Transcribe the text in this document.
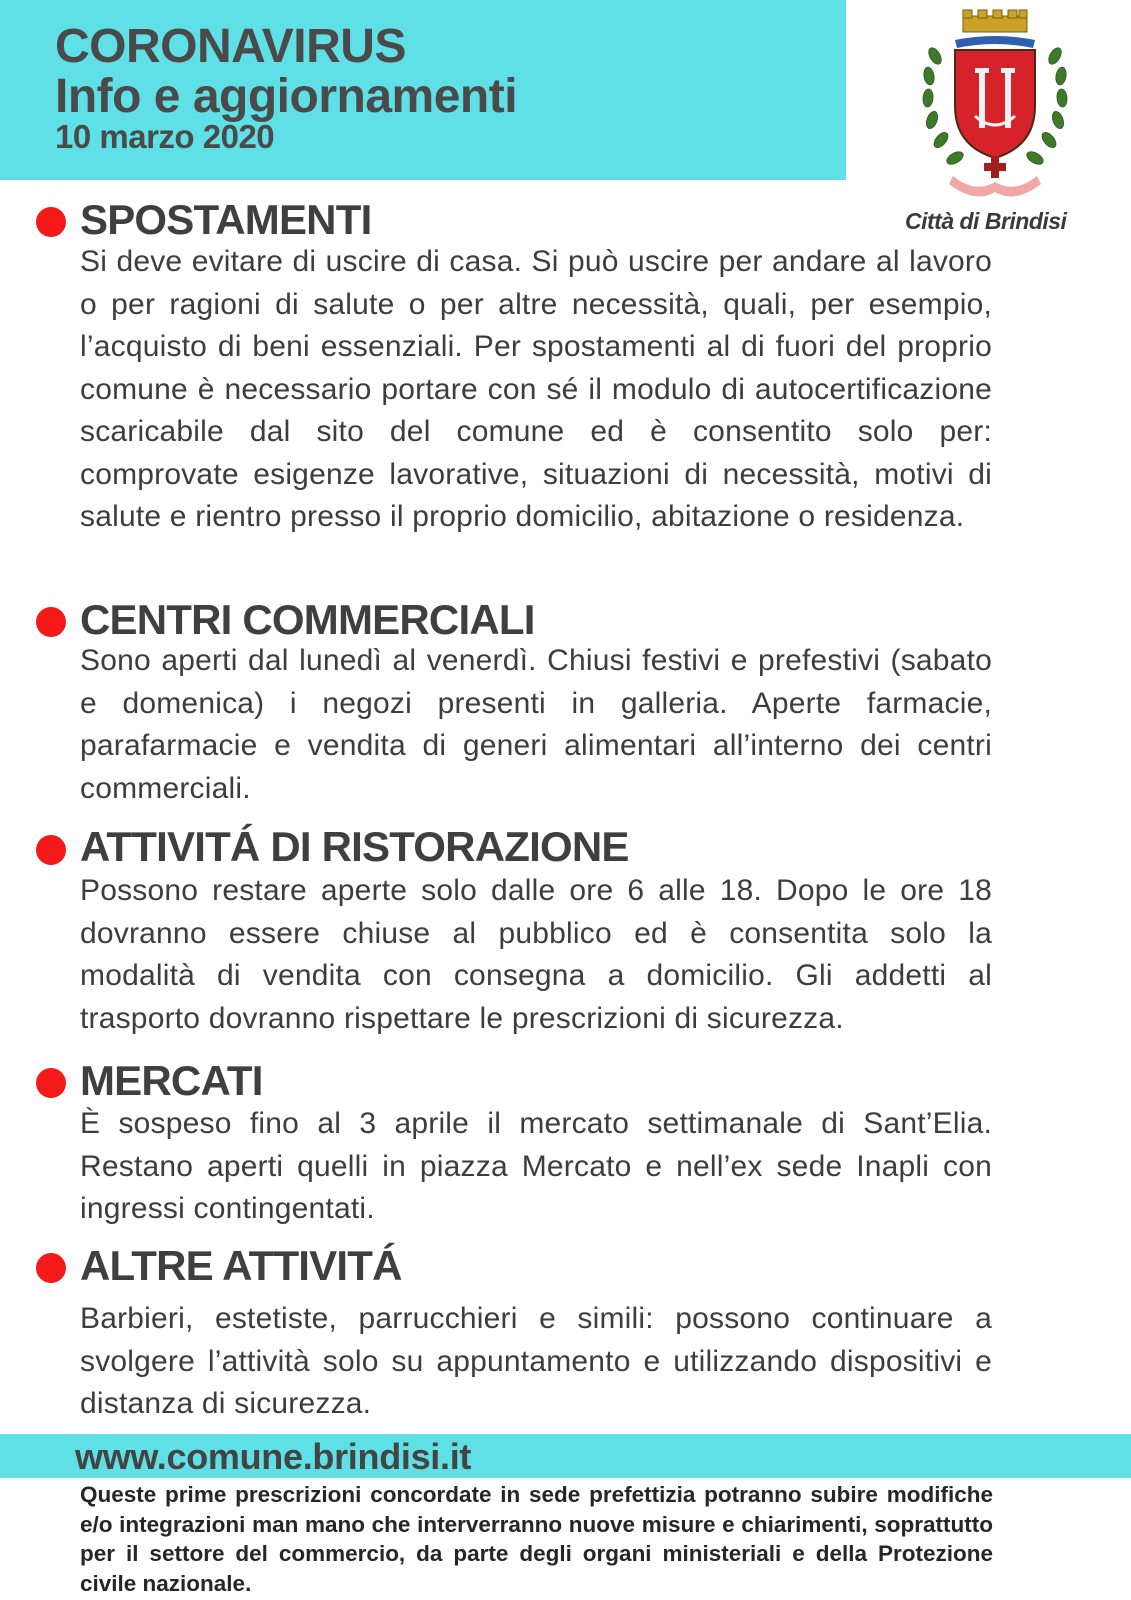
CORONAVIRUS
Info e aggiornamenti
10 marzo 2020
Città di Brindisi
SPOSTAMENTI

Si deve evitare di uscire di casa. Si può uscire per andare al lavoro o per ragioni di salute o per altre necessità, quali, per esempio, l’acquisto di beni essenziali. Per spostamenti al di fuori del proprio comune è necessario portare con sé il modulo di autocertificazione scaricabile dal sito del comune ed è consentito solo per: comprovate esigenze lavorative, situazioni di necessità, motivi di salute e rientro presso il proprio domicilio, abitazione o residenza.

CENTRI COMMERCIALI

Sono aperti dal lunedì al venerdì. Chiusi festivi e prefestivi (sabato e domenica) i negozi presenti in galleria. Aperte farmacie, parafarmacie e vendita di generi alimentari all’interno dei centri commerciali.

ATTIVITÁ DI RISTORAZIONE

Possono restare aperte solo dalle ore 6 alle 18. Dopo le ore 18 dovranno essere chiuse al pubblico ed è consentita solo la modalità di vendita con consegna a domicilio. Gli addetti al trasporto dovranno rispettare le prescrizioni di sicurezza.

MERCATI

È sospeso fino al 3 aprile il mercato settimanale di Sant’Elia. Restano aperti quelli in piazza Mercato e nell’ex sede Inapli con ingressi contingentati.

ALTRE ATTIVITÁ

Barbieri, estetiste, parrucchieri e simili: possono continuare a svolgere l’attività solo su appuntamento e utilizzando dispositivi e distanza di sicurezza.

www.comune.brindisi.it

Queste prime prescrizioni concordate in sede prefettizia potranno subire modifiche e/o integrazioni man mano che interverranno nuove misure e chiarimenti, soprattutto per il settore del commercio, da parte degli organi ministeriali e della Protezione civile nazionale.
